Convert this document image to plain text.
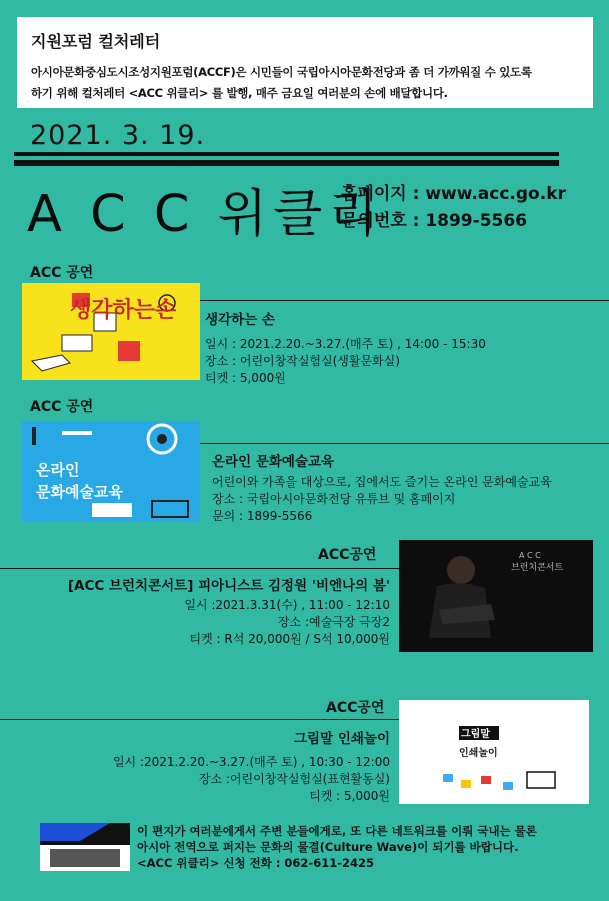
지원포럼 컬처레터
아시아문화중심도시조성지원포럼(ACCF)은 시민들이 국립아시아문화전당과 좀 더 가까워질 수 있도록
하기 위해 컬처레터 <ACC 위클리> 를 발행, 매주 금요일 여러분의 손에 배달합니다.
2021. 3. 19.
A C C 위클리
홈페이지 : www.acc.go.kr
문의번호 : 1899-5566
ACC 공연
생각하는손 생각하는 손
일시 : 2021.2.20.~3.27.(매주 토) , 14:00 - 15:30
장소 : 어린이창작실험실(생활문화실)
티켓 : 5,000원
ACC 공연
온라인
문화예술교육
온라인 문화예술교육
어린이와 가족을 대상으로, 집에서도 즐기는 온라인 문화예술교육
장소 : 국립아시아문화전당 유튜브 및 홈페이지
문의 : 1899-5566
ACC공연	A C C
브런치콘서트
[ACC 브런치콘서트] 피아니스트 김정원 '비엔나의 봄'
일시 :2021.3.31(수) , 11:00 - 12:10
장소 :예술극장 극장2
티켓 : R석 20,000원 / S석 10,000원
ACC공연
그림말
인쇄놀이
그림말 인쇄놀이
일시 :2021.2.20.~3.27.(매주 토) , 10:30 - 12:00
장소 :어린이창작실험실(표현활동실)
티켓 : 5,000원
이 편지가 여러분에게서 주변 분들에게로, 또 다른 네트워크를 이뤄 국내는 물론
아시아 전역으로 퍼지는 문화의 물결(Culture Wave)이 되기를 바랍니다.
<ACC 위클리> 신청 전화 : 062-611-2425
